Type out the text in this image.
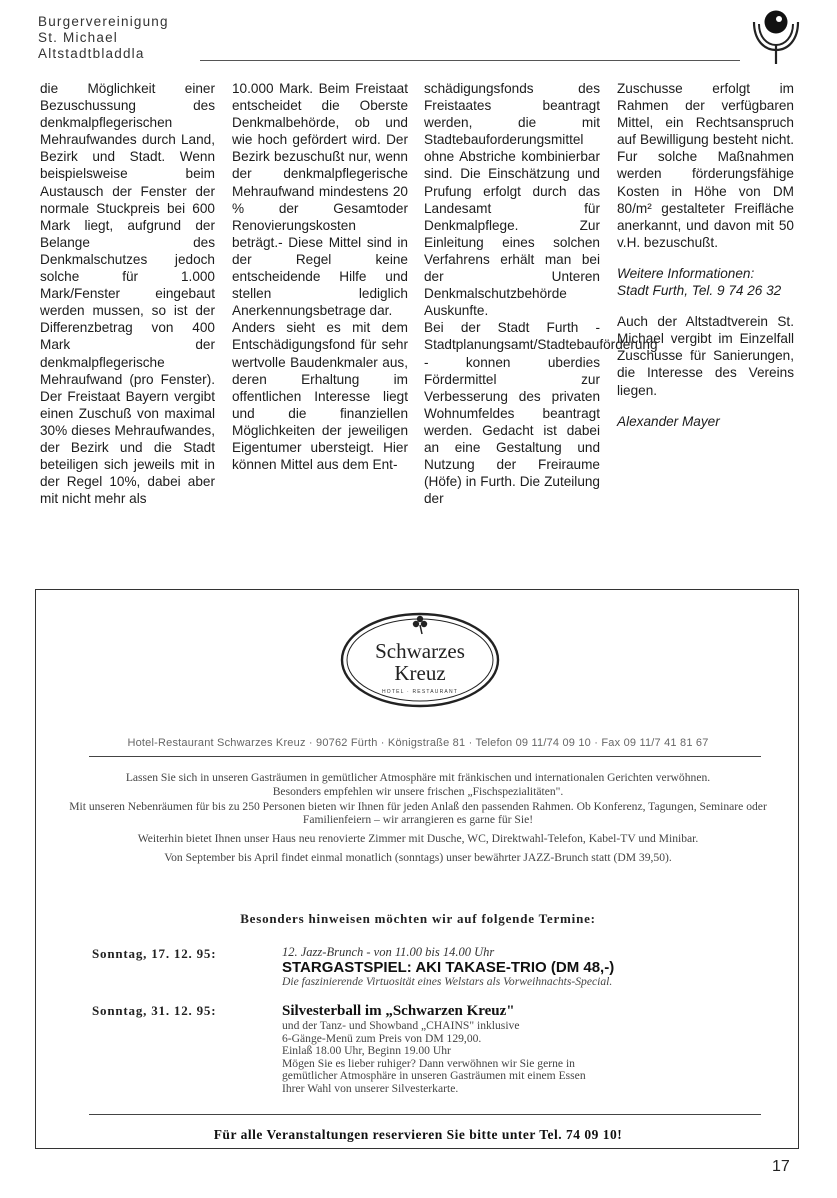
Burgervereinigung
St. Michael
Altstadtbladdla

die Möglichkeit einer Bezuschussung des denkmalpflegerischen Mehraufwandes durch Land, Bezirk und Stadt. Wenn beispielsweise beim Austausch der Fenster der normale Stuckpreis bei 600 Mark liegt, aufgrund der Belange des Denkmalschutzes jedoch solche für 1.000 Mark/Fenster eingebaut werden mussen, so ist der Differenzbetrag von 400 Mark der denkmalpflegerische Mehraufwand (pro Fenster). Der Freistaat Bayern vergibt einen Zuschuß von maximal 30% dieses Mehraufwandes, der Bezirk und die Stadt beteiligen sich jeweils mit in der Regel 10%, dabei aber mit nicht mehr als

10.000 Mark. Beim Freistaat entscheidet die Oberste Denkmalbehörde, ob und wie hoch gefördert wird. Der Bezirk bezuschußt nur, wenn der denkmalpflegerische Mehraufwand mindestens 20 % der Gesamtoder Renovierungskosten beträgt.- Diese Mittel sind in der Regel keine entscheidende Hilfe und stellen lediglich Anerkennungsbetrage dar.

Anders sieht es mit dem Entschädigungsfond für sehr wertvolle Baudenkmaler aus, deren Erhaltung im offentlichen Interesse liegt und die finanziellen Möglichkeiten der jeweiligen Eigentumer ubersteigt. Hier können Mittel aus dem Ent-

schädigungsfonds des Freistaates beantragt werden, die mit Stadtebauforderungsmittel ohne Abstriche kombinierbar sind. Die Einschätzung und Prufung erfolgt durch das Landesamt für Denkmalpflege. Zur Einleitung eines solchen Verfahrens erhält man bei der Unteren Denkmalschutzbehörde Auskunfte.

Bei der Stadt Furth - Stadtplanungsamt/Stadtebauförderung - konnen uberdies Fördermittel zur Verbesserung des privaten Wohnumfeldes beantragt werden. Gedacht ist dabei an eine Gestaltung und Nutzung der Freiraume (Höfe) in Furth. Die Zuteilung der

Zuschusse erfolgt im Rahmen der verfügbaren Mittel, ein Rechtsanspruch auf Bewilligung besteht nicht. Fur solche Maßnahmen werden förderungsfähige Kosten in Höhe von DM 80/m² gestalteter Freifläche anerkannt, und davon mit 50 v.H. bezuschußt.

Weitere Informationen:

Stadt Furth, Tel. 9 74 26 32

Auch der Altstadtverein St. Michael vergibt im Einzelfall Zuschusse für Sanierungen, die Interesse des Vereins liegen.

Alexander Mayer

Schwarzes
Kreuz
HOTEL · RESTAURANT
Hotel-Restaurant Schwarzes Kreuz · 90762 Fürth · Königstraße 81 · Telefon 09 11/74 09 10 · Fax 09 11/7 41 81 67

Lassen Sie sich in unseren Gasträumen in gemütlicher Atmosphäre mit fränkischen und internationalen Gerichten verwöhnen.

Besonders empfehlen wir unsere frischen „Fischspezialitäten".

Mit unseren Nebenräumen für bis zu 250 Personen bieten wir Ihnen für jeden Anlaß den passenden Rahmen. Ob Konferenz, Tagungen, Seminare oder Familienfeiern – wir arrangieren es garne für Sie!

Weiterhin bietet Ihnen unser Haus neu renovierte Zimmer mit Dusche, WC, Direktwahl-Telefon, Kabel-TV und Minibar.

Von September bis April findet einmal monatlich (sonntags) unser bewährter JAZZ-Brunch statt (DM 39,50).

Besonders hinweisen möchten wir auf folgende Termine:
Sonntag, 17. 12. 95:	12. Jazz-Brunch - von 11.00 bis 14.00 Uhr
STARGASTSPIEL: AKI TAKASE-TRIO (DM 48,-)
Die faszinierende Virtuosität eines Welstars als Vorweihnachts-Special.
Sonntag, 31. 12. 95:	Silvesterball im „Schwarzen Kreuz"
und der Tanz- und Showband „CHAINS" inklusive
6-Gänge-Menü zum Preis von DM 129,00.
Einlaß 18.00 Uhr, Beginn 19.00 Uhr
Mögen Sie es lieber ruhiger? Dann verwöhnen wir Sie gerne in
gemütlicher Atmosphäre in unseren Gasträumen mit einem Essen
Ihrer Wahl von unserer Silvesterkarte.
Für alle Veranstaltungen reservieren Sie bitte unter Tel. 74 09 10!
17
